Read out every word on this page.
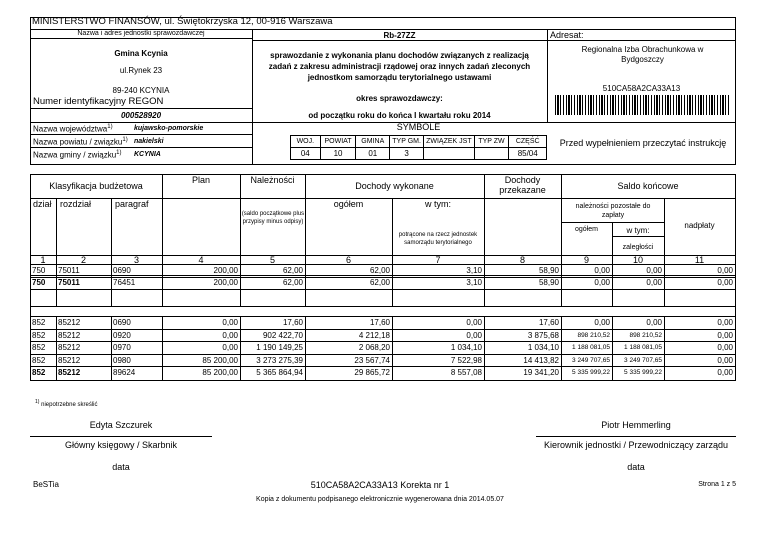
MINISTERSTWO FINANSÓW, ul. Świętokrzyska 12, 00-916 Warszawa
Nazwa i adres jednostki sprawozdawczej
Gmina Kcynia
ul.Rynek 23
89-240 KCYNIA
Numer identyfikacyjny REGON
000528920
Rb-27ZZ
sprawozdanie z wykonania planu dochodów związanych z realizacją zadań z zakresu administracji rządowej oraz innych zadań zleconych jednostkom samorządu terytorialnego ustawami
okres sprawozdawczy:
od początku roku do końca I kwartału roku 2014
Adresat:
Regionalna Izba Obrachunkowa w Bydgoszczy
510CA58A2CA33A13
Nazwa województwa$^{1)}$	kujawsko-pomorskie
Nazwa powiatu / związku$^{1)}$ nakielski
Nazwa gminy / związku$^{1)}$ KCYNIA
SYMBOLE
WOJ.	POWIAT	GMINA	TYP GM.	ZWIĄZEK JST	TYP ZW	CZĘŚĆ
04	10	01	3			85/04
Przed wypełnieniem przeczytać instrukcję
Klasyfikacja budżetowa
Plan	Należności
Dochody wykonane
Dochody przekazane	Saldo końcowe
dział rozdział	paragraf
(saldo początkowe plus przypisy minus odpisy)
ogółem	w tym:
potrącone na rzecz jednostek samorządu terytorialnego
należności pozostałe do zapłaty
ogółem	w tym:
zaległości
nadpłaty
1	2	3	4	5	6	7	8	9	10	11
750	75011	0690	200,00	62,00	62,00	3,10	58,90	0,00	0,00	0,00
750	75011	76451	200,00	62,00	62,00	3,10	58,90	0,00	0,00	0,00
852	85212	0690	0,00	17,60	17,60	0,00	17,60	0,00	0,00	0,00
852	85212	0920	0,00	902 422,70	4 212,18	0,00	3 875,68	898 210,52	898 210,52	0,00
852	85212	0970	0,00	1 190 149,25	2 068,20	1 034,10	1 034,10	1 188 081,05	1 188 081,05	0,00
852	85212	0980	85 200,00	3 273 275,39	23 567,74	7 522,98	14 413,82	3 249 707,65	3 249 707,65	0,00
852	85212	89624	85 200,00	5 365 864,94	29 865,72	8 557,08	19 341,20	5 335 999,22	5 335 999,22	0,00
$^{1)}$ niepotrzebne skreślić
Edyta Szczurek
Główny księgowy / Skarbnik
data
Piotr Hemmerling
Kierownik jednostki / Przewodniczący zarządu
data
BeSTia	510CA58A2CA33A13 Korekta nr 1	Strona 1 z 5
Kopia z dokumentu podpisanego elektronicznie wygenerowana dnia 2014.05.07
